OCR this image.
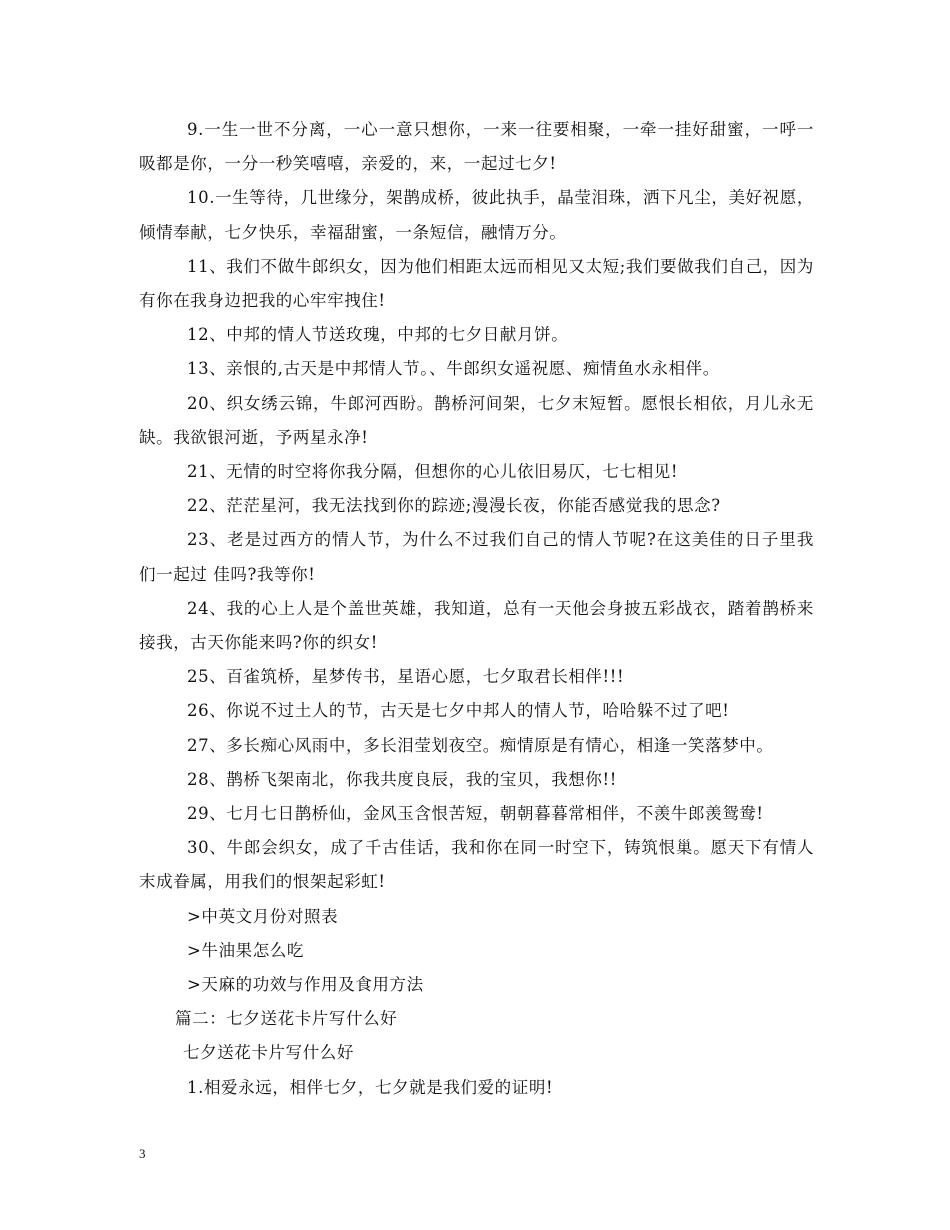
9.一生一世不分离，一心一意只想你，一来一往要相聚，一牵一挂好甜蜜，一呼一吸都是你，一分一秒笑嘻嘻，亲爱的，来，一起过七夕!

10.一生等待，几世缘分，架鹊成桥，彼此执手，晶莹泪珠，洒下凡尘，美好祝愿，倾情奉献，七夕快乐，幸福甜蜜，一条短信，融情万分。

11、我们不做牛郎织女，因为他们相距太远而相见又太短;我们要做我们自己，因为有你在我身边把我的心牢牢拽住!

12、中邦的情人节送玫瑰，中邦的七夕日献月饼。

13、亲恨的,古天是中邦情人节。、牛郎织女遥祝愿、痴情鱼水永相伴。

20、织女绣云锦，牛郎河西盼。鹊桥河间架，七夕末短暂。愿恨长相依，月儿永无缺。我欲银河逝，予两星永净!

21、无情的时空将你我分隔，但想你的心儿依旧易仄，七七相见!

22、茫茫星河，我无法找到你的踪迹;漫漫长夜，你能否感觉我的思念?

23、老是过西方的情人节，为什么不过我们自己的情人节呢?在这美佳的日子里我们一起过 佳吗?我等你!

24、我的心上人是个盖世英雄，我知道，总有一天他会身披五彩战衣，踏着鹊桥来接我，古天你能来吗?你的织女!

25、百雀筑桥，星梦传书，星语心愿，七夕取君长相伴!!!

26、你说不过土人的节，古天是七夕中邦人的情人节，哈哈躲不过了吧!

27、多长痴心风雨中，多长泪莹划夜空。痴情原是有情心，相逢一笑落梦中。

28、鹊桥飞架南北，你我共度良辰，我的宝贝，我想你!!

29、七月七日鹊桥仙，金风玉含恨苦短，朝朝暮暮常相伴，不羡牛郎羡鸳鸯!

30、牛郎会织女，成了千古佳话，我和你在同一时空下，铸筑恨巢。愿天下有情人末成眷属，用我们的恨架起彩虹!

>中英文月份对照表

>牛油果怎么吃

>天麻的功效与作用及食用方法

篇二：七夕送花卡片写什么好

七夕送花卡片写什么好

1.相爱永远，相伴七夕，七夕就是我们爱的证明!

3
